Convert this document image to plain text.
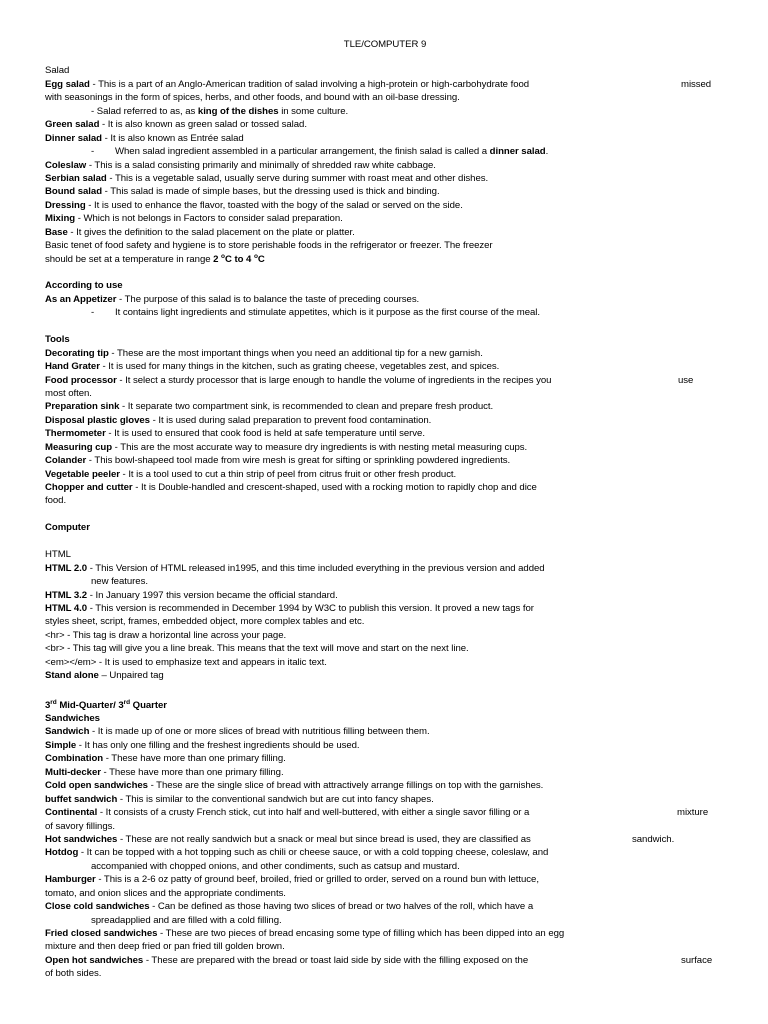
TLE/COMPUTER 9
Salad
Egg salad - This is a part of an Anglo-American tradition of salad involving a high-protein or high-carbohydrate food	missed
with seasonings in the form of spices, herbs, and other foods, and bound with an oil-base dressing.
- Salad referred to as, as king of the dishes in some culture.
Green salad - It is also known as green salad or tossed salad.
Dinner salad - It is also known as Entrée salad
- When salad ingredient assembled in a particular arrangement, the finish salad is called a dinner salad.
Coleslaw - This is a salad consisting primarily and minimally of shredded raw white cabbage.
Serbian salad - This is a vegetable salad, usually serve during summer with roast meat and other dishes.
Bound salad - This salad is made of simple bases, but the dressing used is thick and binding.
Dressing - It is used to enhance the flavor, toasted with the bogy of the salad or served on the side.
Mixing - Which is not belongs in Factors to consider salad preparation.
Base - It gives the definition to the salad placement on the plate or platter.
Basic tenet of food safety and hygiene is to store perishable foods in the refrigerator or freezer. The freezer
should be set at a temperature in range 2 $^o$C to 4 $^o$C
According to use
As an Appetizer - The purpose of this salad is to balance the taste of preceding courses.
- It contains light ingredients and stimulate appetites, which is it purpose as the first course of the meal.
Tools
Decorating tip - These are the most important things when you need an additional tip for a new garnish.
Hand Grater - It is used for many things in the kitchen, such as grating cheese, vegetables zest, and spices.
Food processor - It select a sturdy processor that is large enough to handle the volume of ingredients in the recipes you	use
most often.
Preparation sink - It separate two compartment sink, is recommended to clean and prepare fresh product.
Disposal plastic gloves - It is used during salad preparation to prevent food contamination.
Thermometer - It is used to ensured that cook food is held at safe temperature until serve.
Measuring cup - This are the most accurate way to measure dry ingredients is with nesting metal measuring cups.
Colander - This bowl-shapeed tool made from wire mesh is great for sifting or sprinkling powdered ingredients.
Vegetable peeler - It is a tool used to cut a thin strip of peel from citrus fruit or other fresh product.
Chopper and cutter - It is Double-handled and crescent-shaped, used with a rocking motion to rapidly chop and dice
food.
Computer
HTML
HTML 2.0 - This Version of HTML released in1995, and this time included everything in the previous version and added
new features.
HTML 3.2 - In January 1997 this version became the official standard.
HTML 4.0 - This version is recommended in December 1994 by W3C to publish this version. It proved a new tags for
styles sheet, script, frames, embedded object, more complex tables and etc.
<hr> - This tag is draw a horizontal line across your page.
<br> - This tag will give you a line break. This means that the text will move and start on the next line.
<em></em> - It is used to emphasize text and appears in italic text.
Stand alone – Unpaired tag
3rd Mid-Quarter/ 3rd Quarter
Sandwiches
Sandwich - It is made up of one or more slices of bread with nutritious filling between them.
Simple - It has only one filling and the freshest ingredients should be used.
Combination - These have more than one primary filling.
Multi-decker - These have more than one primary filling.
Cold open sandwiches - These are the single slice of bread with attractively arrange fillings on top with the garnishes.
buffet sandwich - This is similar to the conventional sandwich but are cut into fancy shapes.
Continental - It consists of a crusty French stick, cut into half and well-buttered, with either a single savor filling or a	mixture
of savory fillings.
Hot sandwiches - These are not really sandwich but a snack or meal but since bread is used, they are classified as	sandwich.
Hotdog - It can be topped with a hot topping such as chili or cheese sauce, or with a cold topping cheese, coleslaw, and
accompanied with chopped onions, and other condiments, such as catsup and mustard.
Hamburger - This is a 2-6 oz patty of ground beef, broiled, fried or grilled to order, served on a round bun with lettuce,
tomato, and onion slices and the appropriate condiments.
Close cold sandwiches - Can be defined as those having two slices of bread or two halves of the roll, which have a
spreadapplied and are filled with a cold filling.
Fried closed sandwiches - These are two pieces of bread encasing some type of filling which has been dipped into an egg
mixture and then deep fried or pan fried till golden brown.
Open hot sandwiches - These are prepared with the bread or toast laid side by side with the filling exposed on the	surface
of both sides.
